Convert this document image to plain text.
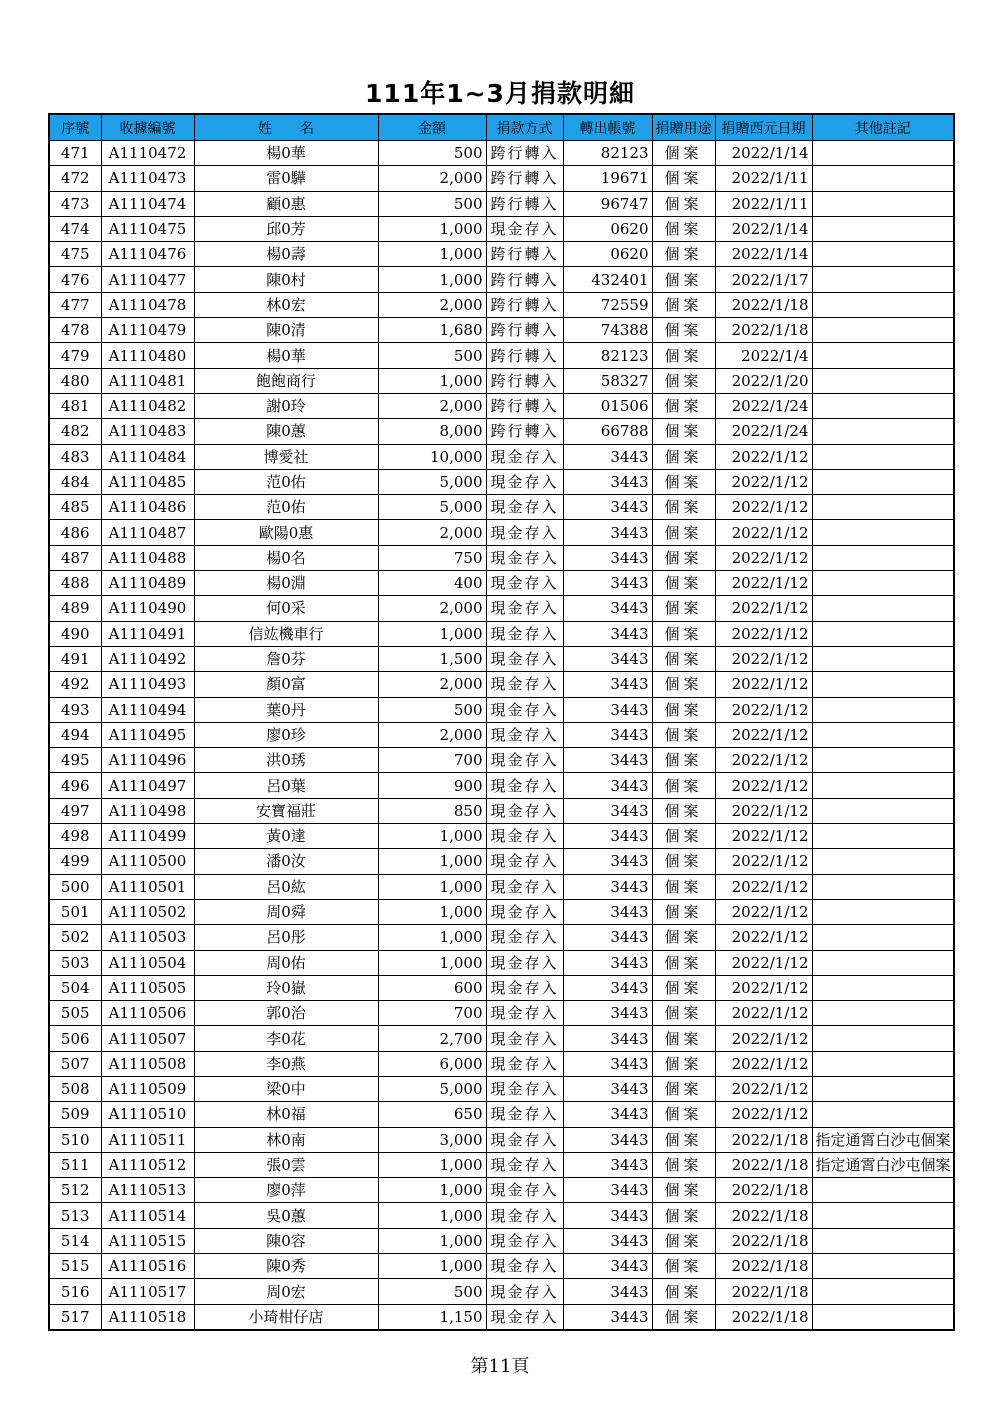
111年1~3月捐款明細
序號	收據編號	姓　　名	金額	捐款方式	轉出帳號	捐贈用途	捐贈西元日期	其他註記
471	A1110472	楊0華	500	跨行轉入	82123	個案	2022/1/14	
472	A1110473	雷0驊	2,000	跨行轉入	19671	個案	2022/1/11	
473	A1110474	顧0惠	500	跨行轉入	96747	個案	2022/1/11	
474	A1110475	邱0芳	1,000	現金存入	0620	個案	2022/1/14	
475	A1110476	楊0壽	1,000	跨行轉入	0620	個案	2022/1/14	
476	A1110477	陳0村	1,000	跨行轉入	432401	個案	2022/1/17	
477	A1110478	林0宏	2,000	跨行轉入	72559	個案	2022/1/18	
478	A1110479	陳0清	1,680	跨行轉入	74388	個案	2022/1/18	
479	A1110480	楊0華	500	跨行轉入	82123	個案	2022/1/4	
480	A1110481	飽飽商行	1,000	跨行轉入	58327	個案	2022/1/20	
481	A1110482	謝0玲	2,000	跨行轉入	01506	個案	2022/1/24	
482	A1110483	陳0蕙	8,000	跨行轉入	66788	個案	2022/1/24	
483	A1110484	博愛社	10,000	現金存入	3443	個案	2022/1/12	
484	A1110485	范0佑	5,000	現金存入	3443	個案	2022/1/12	
485	A1110486	范0佑	5,000	現金存入	3443	個案	2022/1/12	
486	A1110487	歐陽0惠	2,000	現金存入	3443	個案	2022/1/12	
487	A1110488	楊0名	750	現金存入	3443	個案	2022/1/12	
488	A1110489	楊0淵	400	現金存入	3443	個案	2022/1/12	
489	A1110490	何0采	2,000	現金存入	3443	個案	2022/1/12	
490	A1110491	信竑機車行	1,000	現金存入	3443	個案	2022/1/12	
491	A1110492	詹0芬	1,500	現金存入	3443	個案	2022/1/12	
492	A1110493	顏0富	2,000	現金存入	3443	個案	2022/1/12	
493	A1110494	葉0丹	500	現金存入	3443	個案	2022/1/12	
494	A1110495	廖0珍	2,000	現金存入	3443	個案	2022/1/12	
495	A1110496	洪0琇	700	現金存入	3443	個案	2022/1/12	
496	A1110497	呂0葉	900	現金存入	3443	個案	2022/1/12	
497	A1110498	安寶福莊	850	現金存入	3443	個案	2022/1/12	
498	A1110499	黃0達	1,000	現金存入	3443	個案	2022/1/12	
499	A1110500	潘0汝	1,000	現金存入	3443	個案	2022/1/12	
500	A1110501	呂0紘	1,000	現金存入	3443	個案	2022/1/12	
501	A1110502	周0舜	1,000	現金存入	3443	個案	2022/1/12	
502	A1110503	呂0彤	1,000	現金存入	3443	個案	2022/1/12	
503	A1110504	周0佑	1,000	現金存入	3443	個案	2022/1/12	
504	A1110505	玲0嶽	600	現金存入	3443	個案	2022/1/12	
505	A1110506	郭0治	700	現金存入	3443	個案	2022/1/12	
506	A1110507	李0花	2,700	現金存入	3443	個案	2022/1/12	
507	A1110508	李0燕	6,000	現金存入	3443	個案	2022/1/12	
508	A1110509	梁0中	5,000	現金存入	3443	個案	2022/1/12	
509	A1110510	林0福	650	現金存入	3443	個案	2022/1/12	
510	A1110511	林0南	3,000	現金存入	3443	個案	2022/1/18	指定通霄白沙屯個案
511	A1110512	張0雲	1,000	現金存入	3443	個案	2022/1/18	指定通霄白沙屯個案
512	A1110513	廖0萍	1,000	現金存入	3443	個案	2022/1/18	
513	A1110514	吳0蕙	1,000	現金存入	3443	個案	2022/1/18	
514	A1110515	陳0容	1,000	現金存入	3443	個案	2022/1/18	
515	A1110516	陳0秀	1,000	現金存入	3443	個案	2022/1/18	
516	A1110517	周0宏	500	現金存入	3443	個案	2022/1/18	
517	A1110518	小琦柑仔店	1,150	現金存入	3443	個案	2022/1/18	
第11頁
